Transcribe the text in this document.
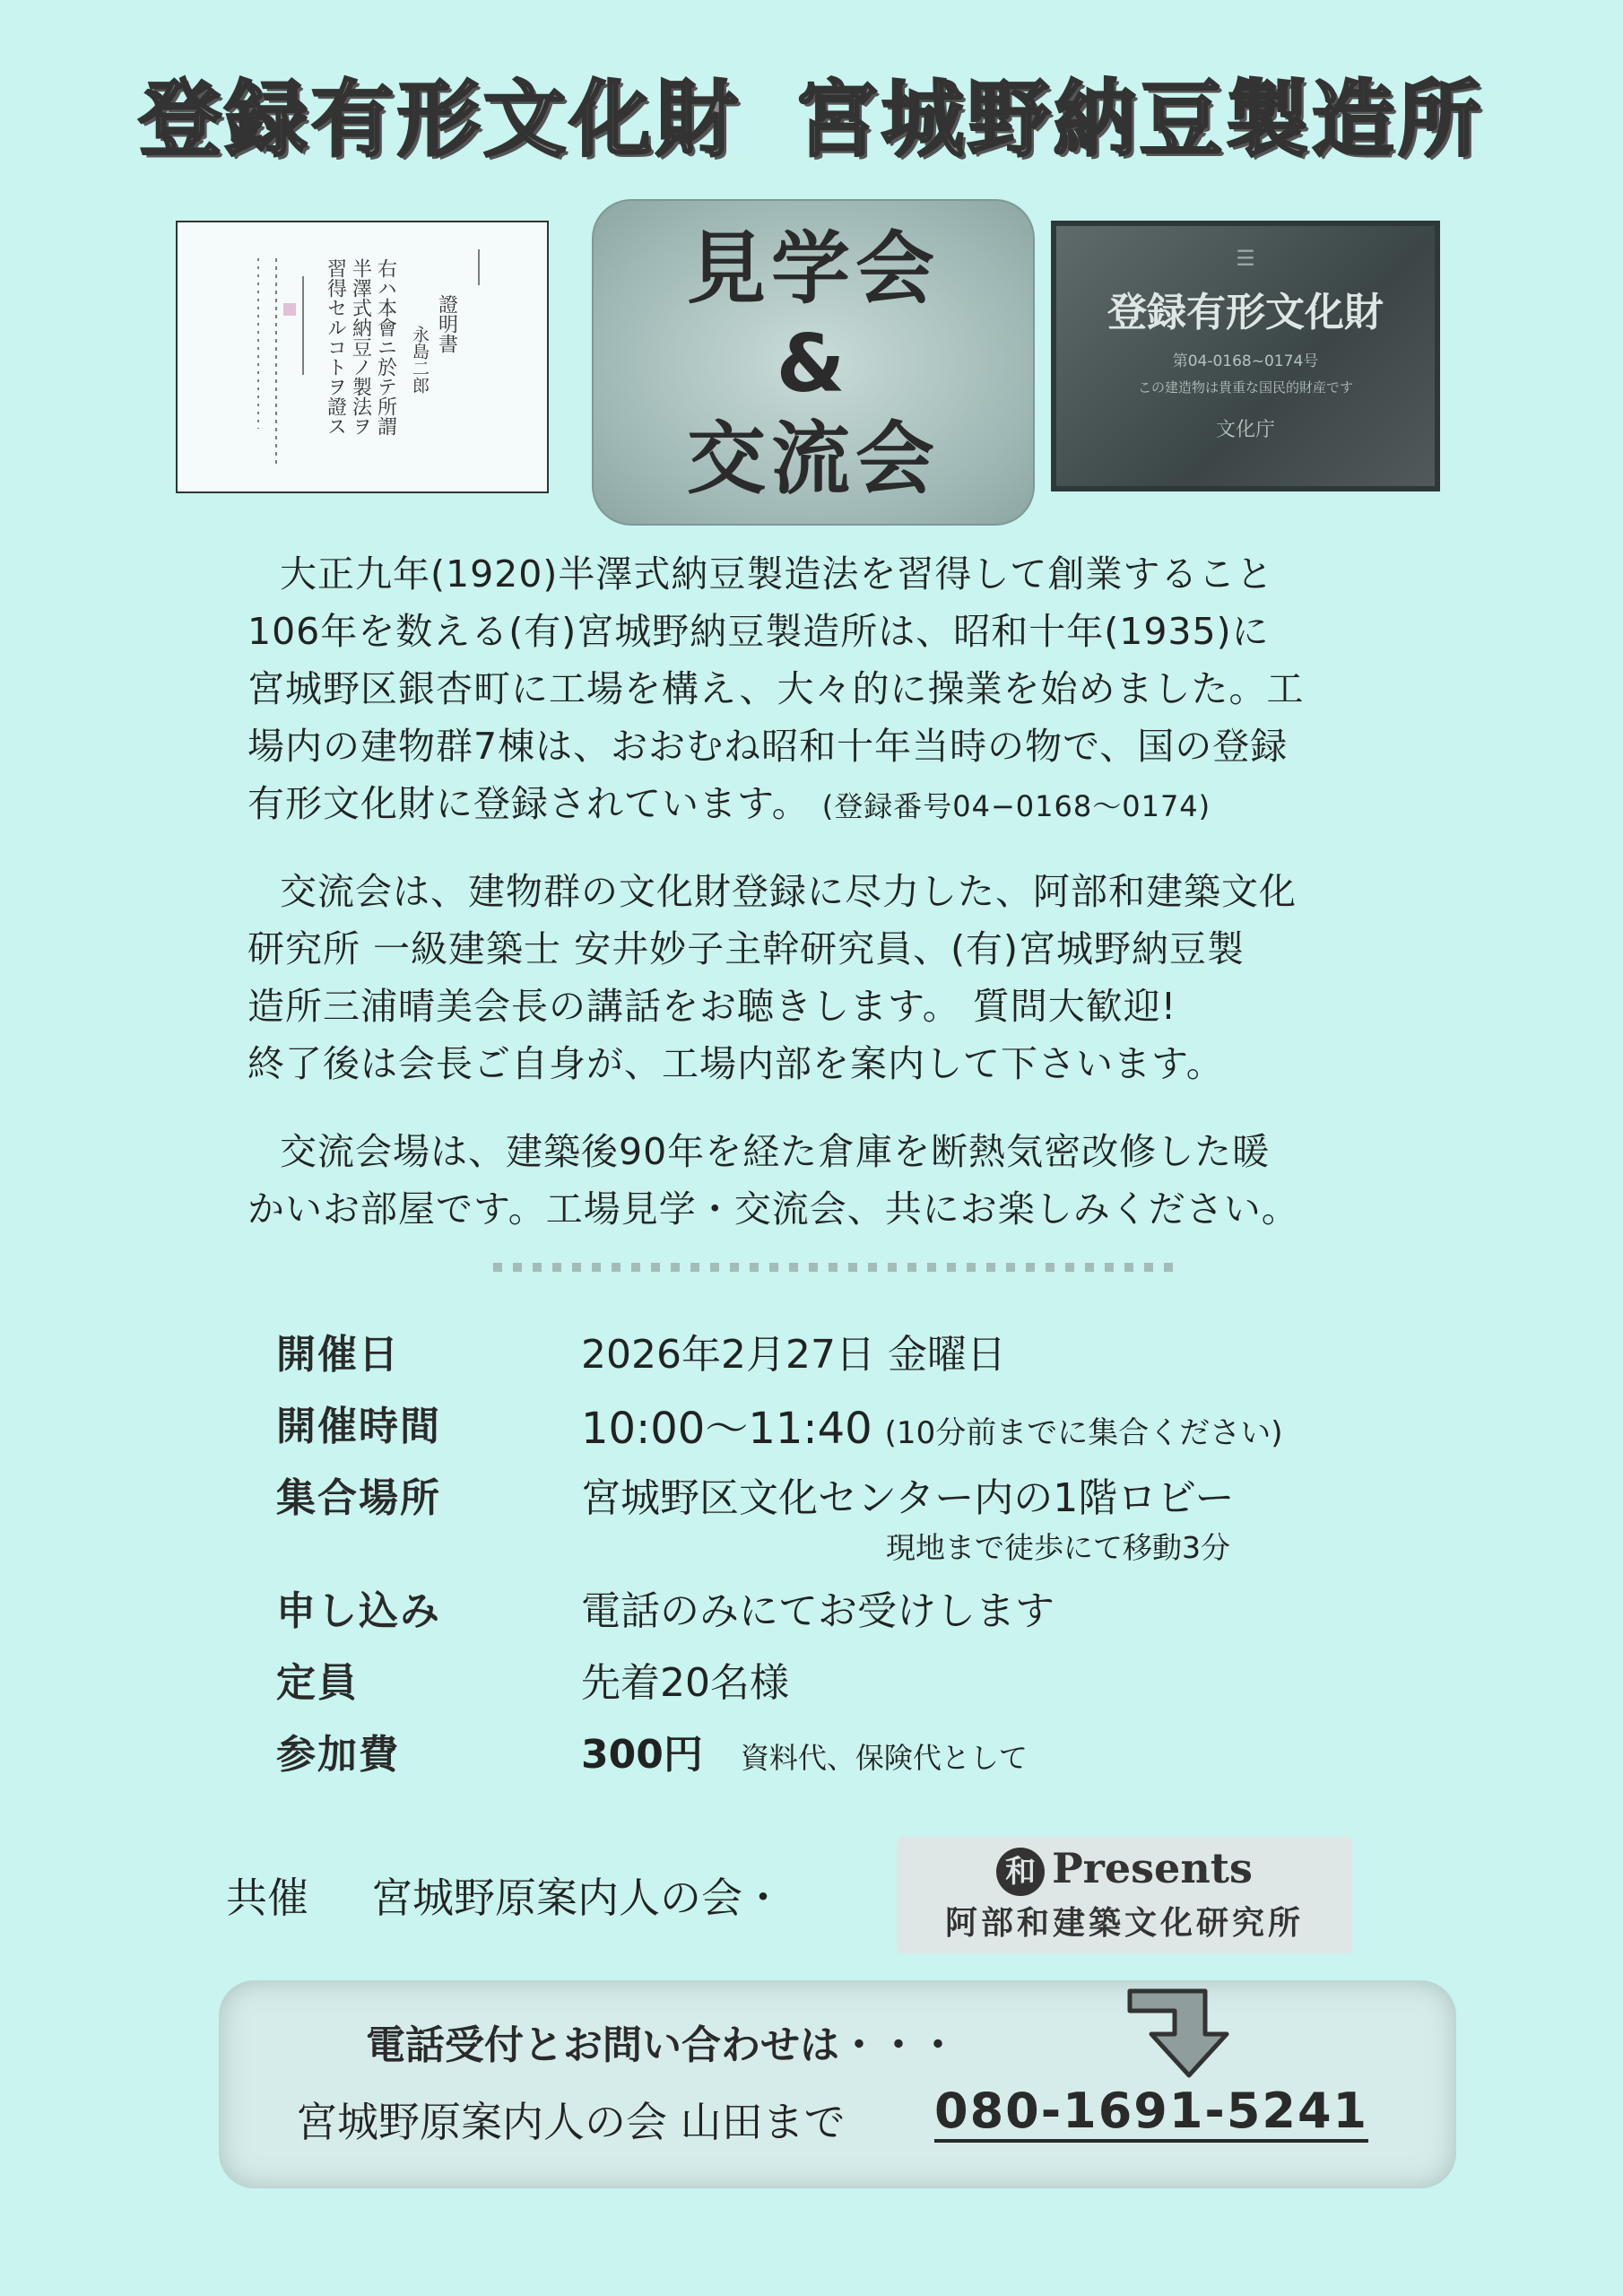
登録有形文化財 宮城野納豆製造所
證明書
永島二郎
右ハ本會ニ於テ所謂
半澤式納豆ノ製法ヲ
習得セルコトヲ證ス	見学会
&
交流会
☰
登録有形文化財
第04-0168~0174号
この建造物は貴重な国民的財産です
文化庁
大正九年(1920)半澤式納豆製造法を習得して創業すること
106年を数える(有)宮城野納豆製造所は、昭和十年(1935)に
宮城野区銀杏町に工場を構え、大々的に操業を始めました。工
場内の建物群7棟は、おおむね昭和十年当時の物で、国の登録
有形文化財に登録されています。 (登録番号04−0168〜0174)
交流会は、建物群の文化財登録に尽力した、阿部和建築文化
研究所 一級建築士 安井妙子主幹研究員、(有)宮城野納豆製
造所三浦晴美会長の講話をお聴きします。 質問大歓迎!
終了後は会長ご自身が、工場内部を案内して下さいます。
交流会場は、建築後90年を経た倉庫を断熱気密改修した暖
かいお部屋です。工場見学・交流会、共にお楽しみください。
開催日	2026年2月27日 金曜日
開催時間	10:00〜11:40 (10分前までに集合ください)
集合場所	宮城野区文化センター内の1階ロビー
現地まで徒歩にて移動3分
申し込み	電話のみにてお受けします
定員	先着20名様
参加費	300円 資料代、保険代として
共催 宮城野原案内人の会・
和 Presents
阿部和建築文化研究所
電話受付とお問い合わせは・・・
宮城野原案内人の会 山田まで 080-1691-5241
